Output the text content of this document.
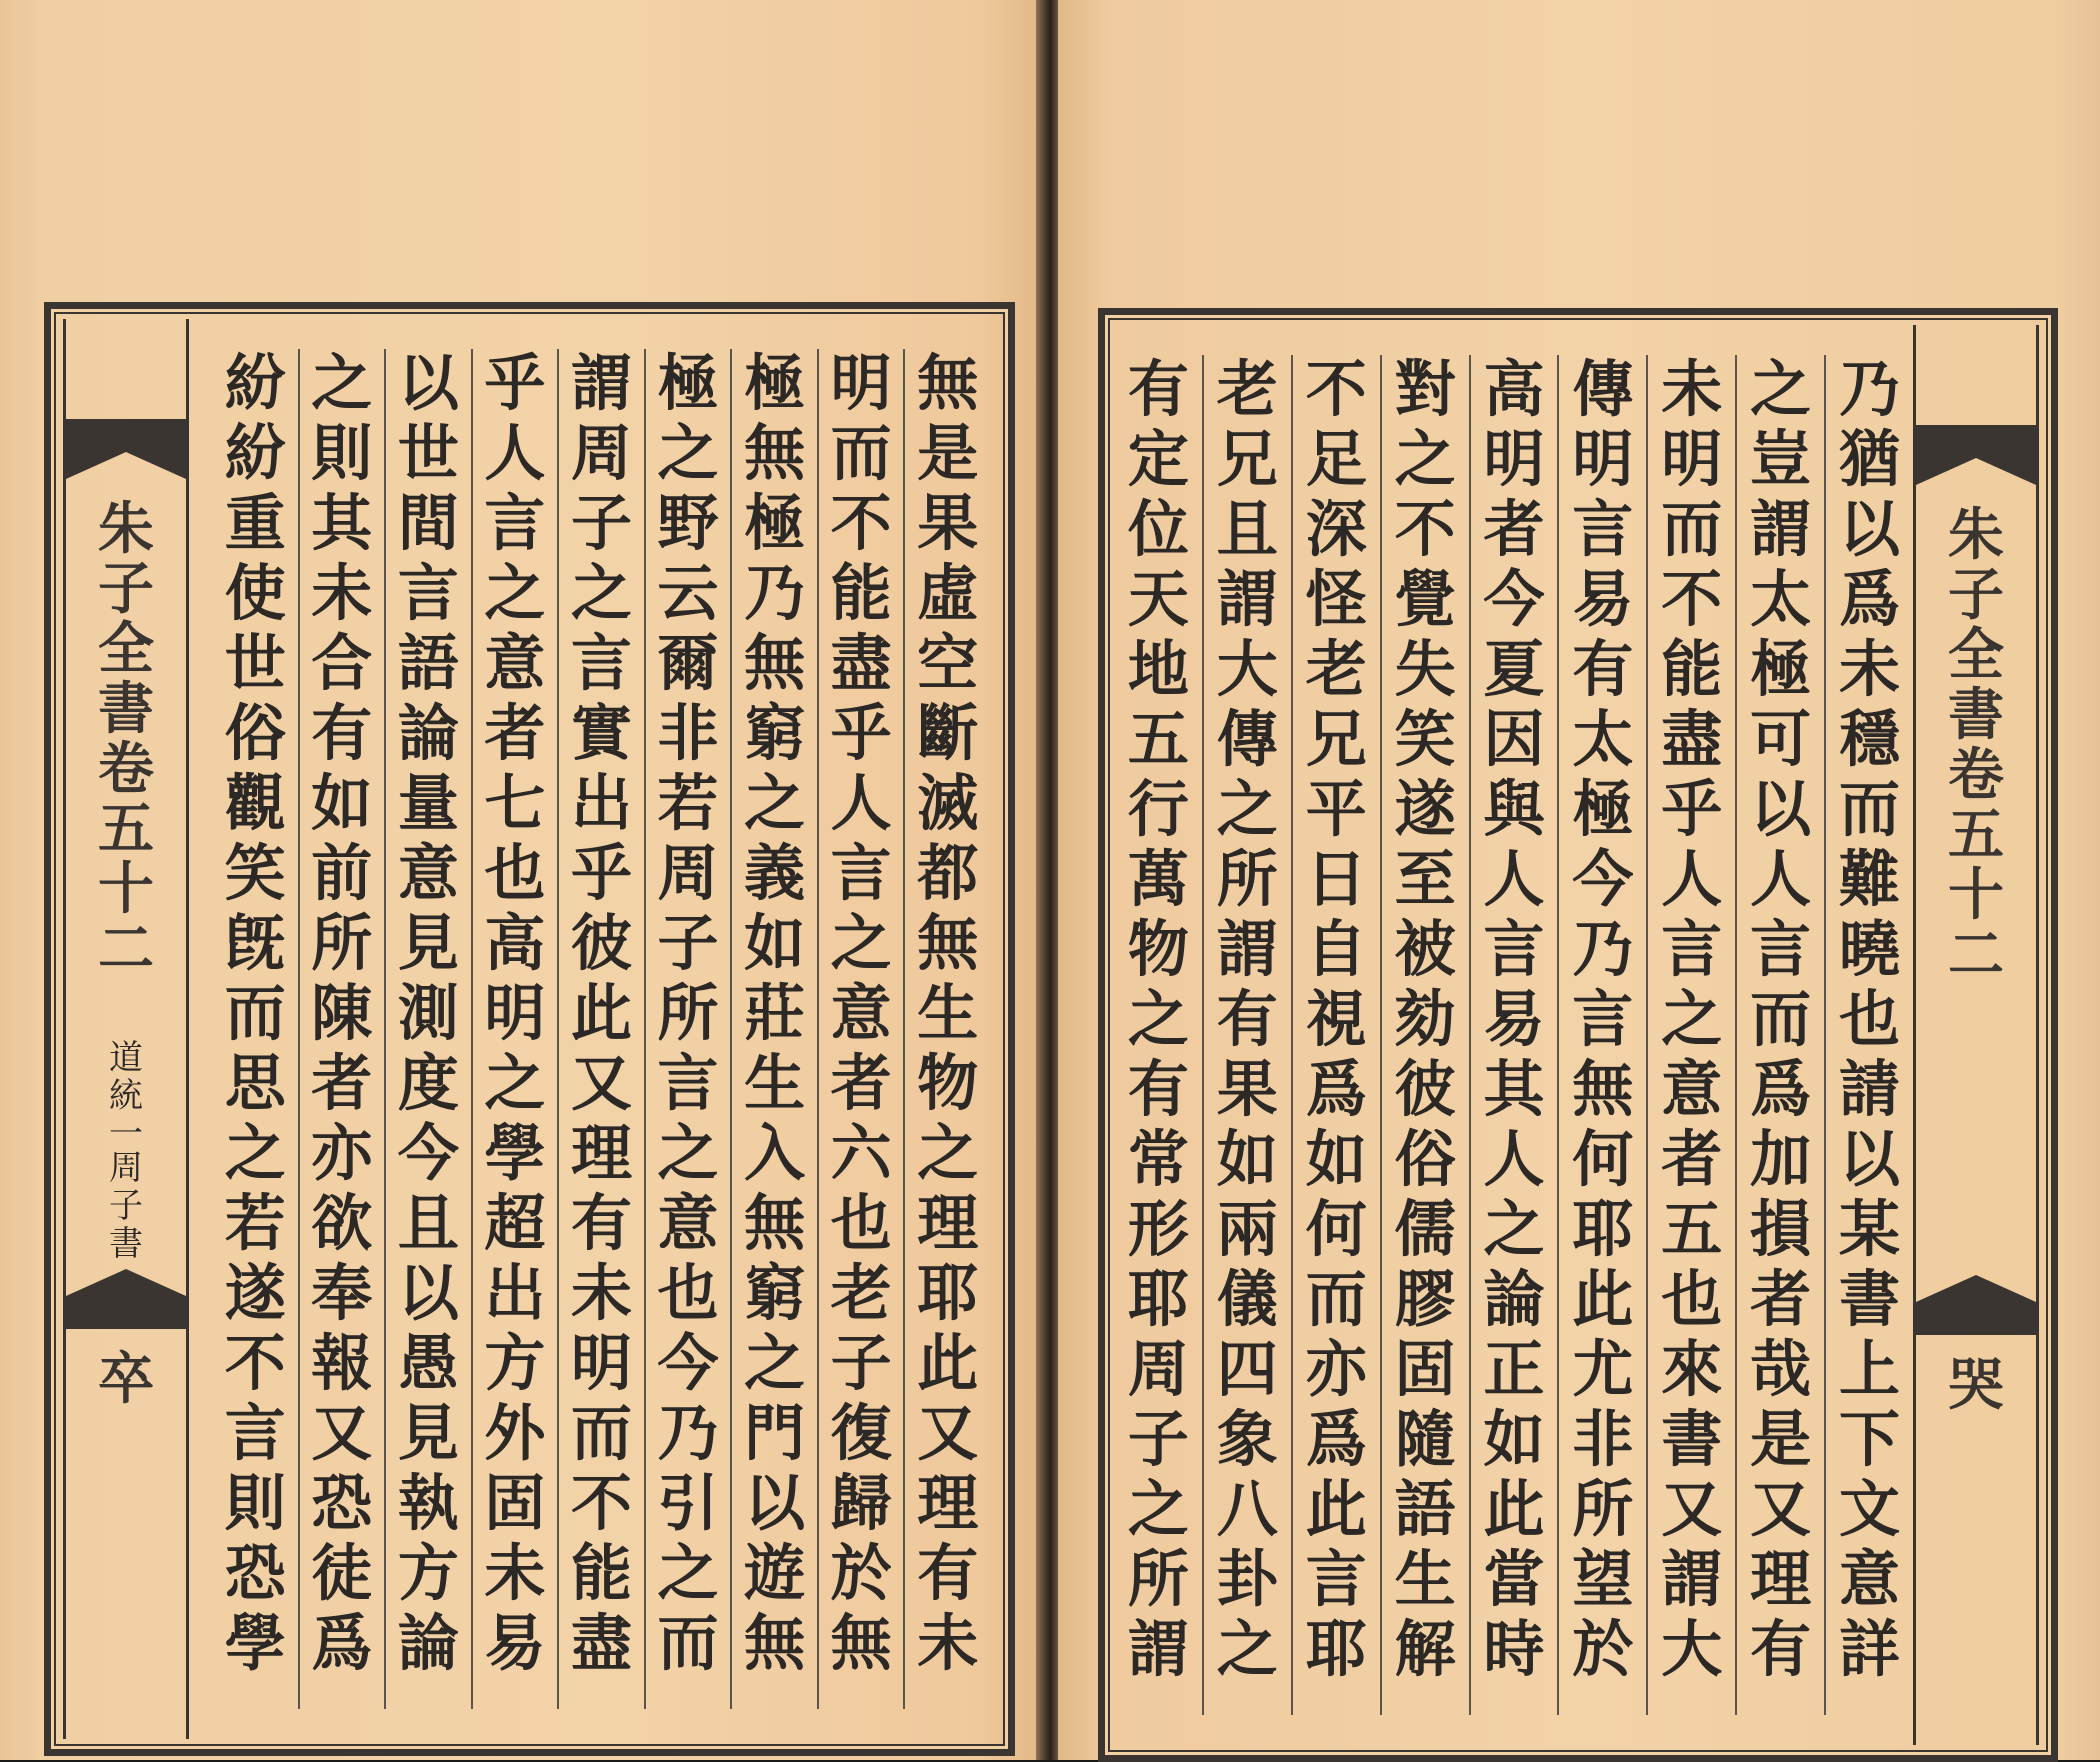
朱
子
全
書
卷
五
十
二
道
統
一
周
子
書
卒
無
是
果
虛
空
斷
滅
都
無
生
物
之
理
耶
此
又
理
有
未
明
而
不
能
盡
乎
人
言
之
意
者
六
也
老
子
復
歸
於
無
極
無
極
乃
無
窮
之
義
如
莊
生
入
無
窮
之
門
以
遊
無
極
之
野
云
爾
非
若
周
子
所
言
之
意
也
今
乃
引
之
而
謂
周
子
之
言
實
出
乎
彼
此
又
理
有
未
明
而
不
能
盡
乎
人
言
之
意
者
七
也
高
明
之
學
超
出
方
外
固
未
易
以
世
間
言
語
論
量
意
見
測
度
今
且
以
愚
見
執
方
論
之
則
其
未
合
有
如
前
所
陳
者
亦
欲
奉
報
又
恐
徒
爲
紛
紛
重
使
世
俗
觀
笑
旣
而
思
之
若
遂
不
言
則
恐
學
朱
子
全
書
卷
五
十
二
哭
乃
猶
以
爲
未
穩
而
難
曉
也
請
以
某
書
上
下
文
意
詳
之
豈
謂
太
極
可
以
人
言
而
爲
加
損
者
哉
是
又
理
有
未
明
而
不
能
盡
乎
人
言
之
意
者
五
也
來
書
又
謂
大
傳
明
言
易
有
太
極
今
乃
言
無
何
耶
此
尤
非
所
望
於
高
明
者
今
夏
因
與
人
言
易
其
人
之
論
正
如
此
當
時
對
之
不
覺
失
笑
遂
至
被
劾
彼
俗
儒
膠
固
隨
語
生
解
不
足
深
怪
老
兄
平
日
自
視
爲
如
何
而
亦
爲
此
言
耶
老
兄
且
謂
大
傳
之
所
謂
有
果
如
兩
儀
四
象
八
卦
之
有
定
位
天
地
五
行
萬
物
之
有
常
形
耶
周
子
之
所
謂
